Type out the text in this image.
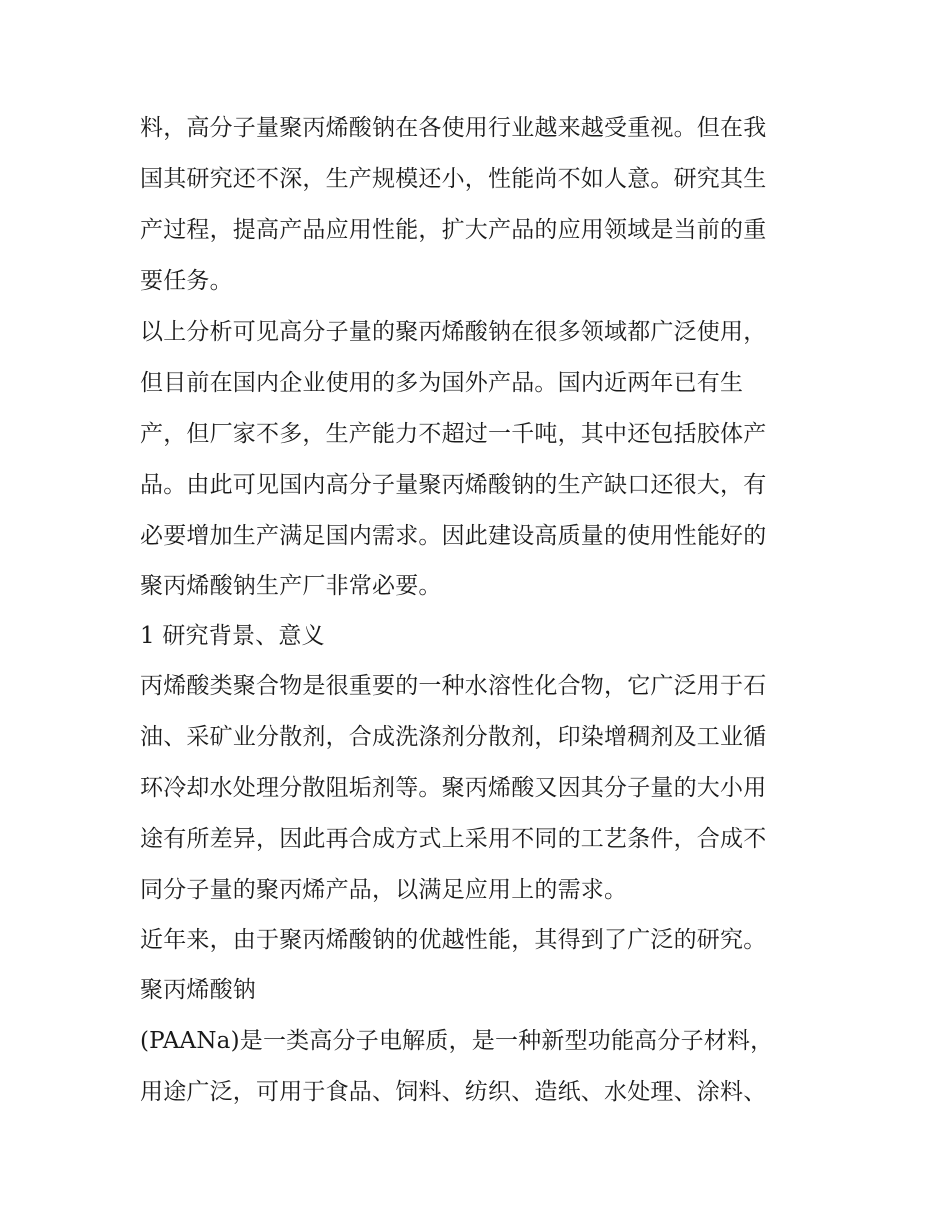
料，高分子量聚丙烯酸钠在各使用行业越来越受重视。但在我
国其研究还不深，生产规模还小，性能尚不如人意。研究其生
产过程，提高产品应用性能，扩大产品的应用领域是当前的重
要任务。
以上分析可见高分子量的聚丙烯酸钠在很多领域都广泛使用，
但目前在国内企业使用的多为国外产品。国内近两年已有生
产，但厂家不多，生产能力不超过一千吨，其中还包括胶体产
品。由此可见国内高分子量聚丙烯酸钠的生产缺口还很大，有
必要增加生产满足国内需求。因此建设高质量的使用性能好的
聚丙烯酸钠生产厂非常必要。
1 研究背景、意义
丙烯酸类聚合物是很重要的一种水溶性化合物，它广泛用于石
油、采矿业分散剂，合成洗涤剂分散剂，印染增稠剂及工业循
环冷却水处理分散阻垢剂等。聚丙烯酸又因其分子量的大小用
途有所差异，因此再合成方式上采用不同的工艺条件，合成不
同分子量的聚丙烯产品，以满足应用上的需求。
近年来，由于聚丙烯酸钠的优越性能，其得到了广泛的研究。
聚丙烯酸钠
(PAANa)是一类高分子电解质，是一种新型功能高分子材料，
用途广泛，可用于食品、饲料、纺织、造纸、水处理、涂料、
